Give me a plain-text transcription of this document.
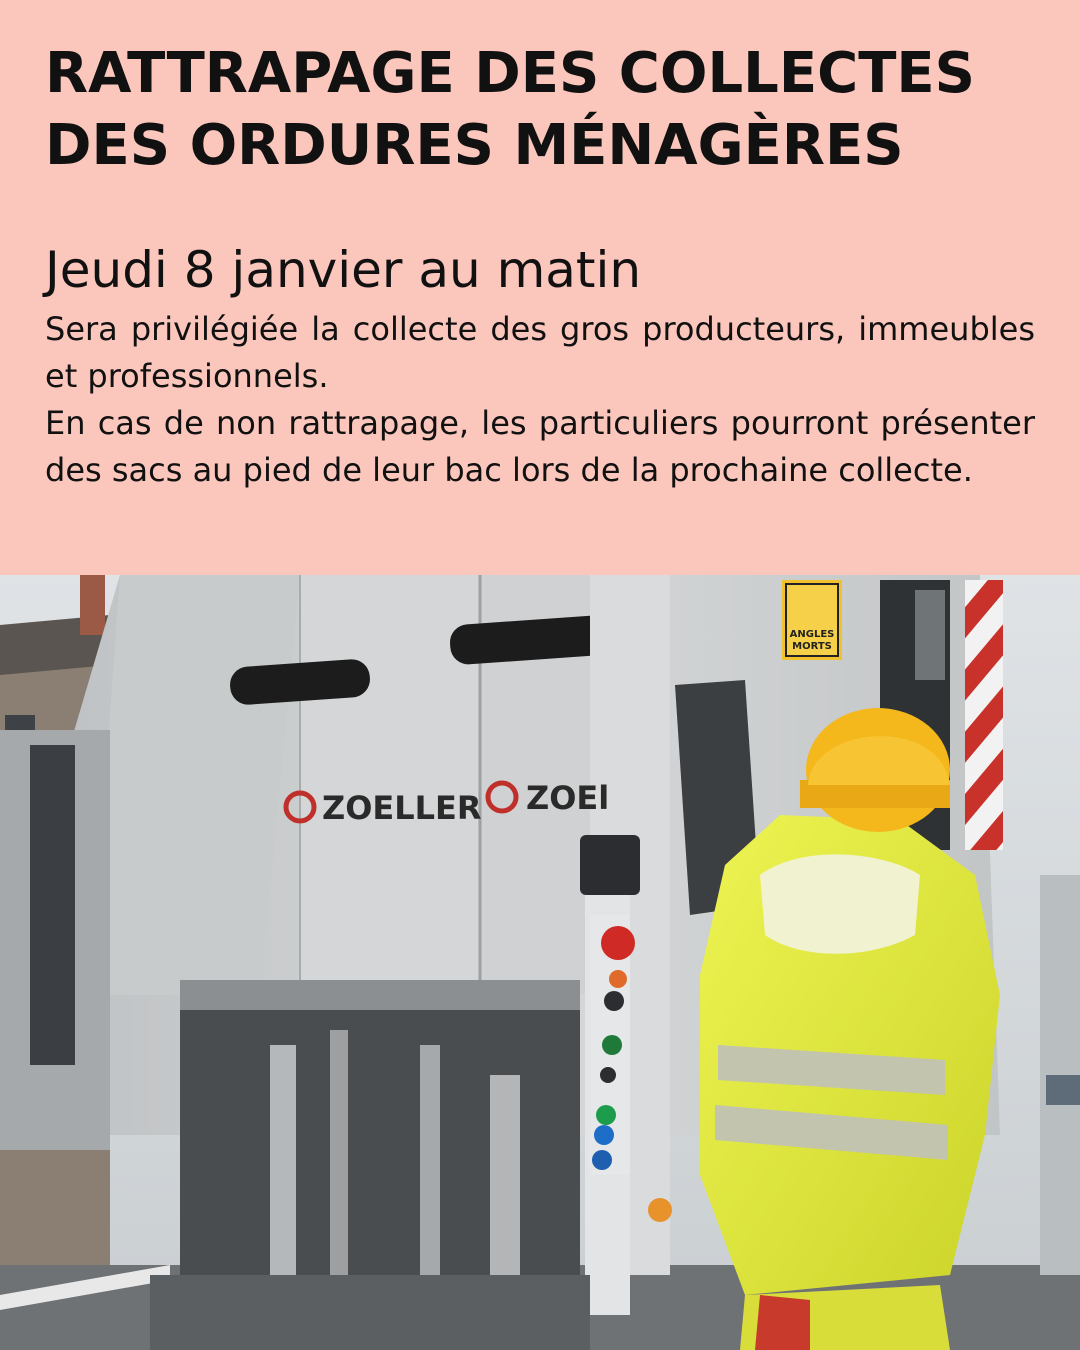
RATTRAPAGE DES COLLECTES
DES ORDURES MÉNAGÈRES
Jeudi 8 janvier au matin

Sera privilégiée la collecte des gros producteurs, immeubles et professionnels.

En cas de non rattrapage, les particuliers pourront présenter des sacs au pied de leur bac lors de la prochaine collecte.

ANGLES
MORTS
ZOELLER ZOEl
